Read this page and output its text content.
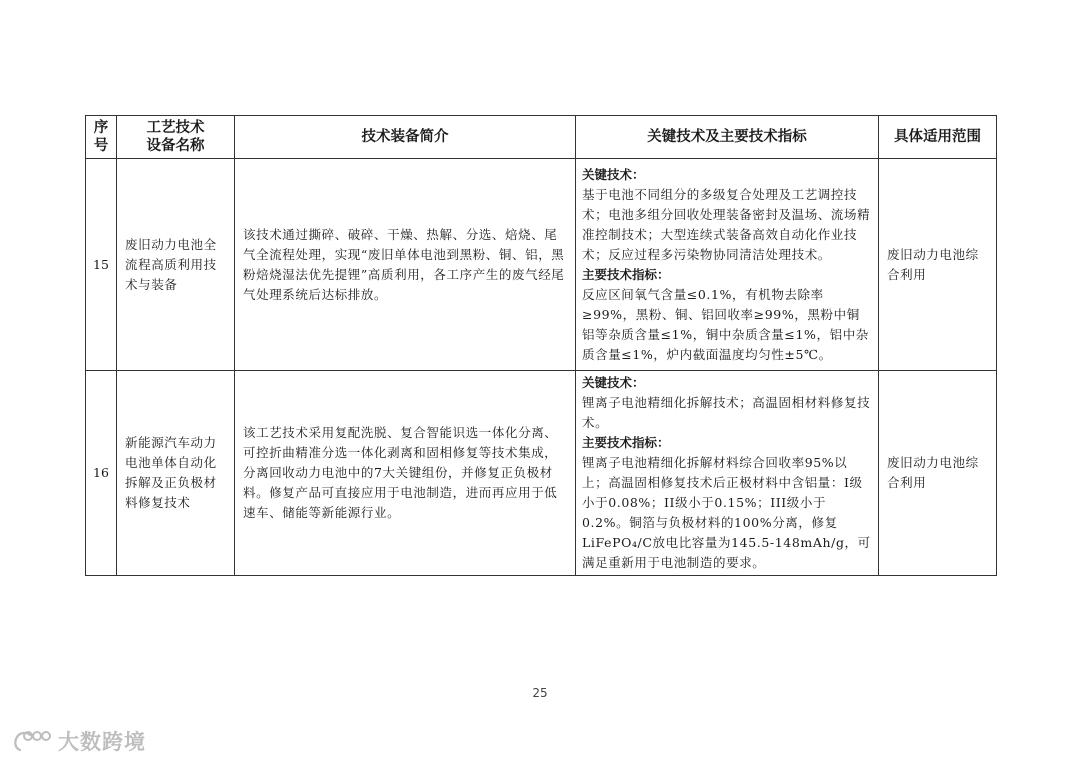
序
号	工艺技术
设备名称	技术装备简介	关键技术及主要技术指标	具体适用范围
15	废旧动力电池全流程高质利用技术与装备	该技术通过撕碎、破碎、干燥、热解、分选、焙烧、尾气全流程处理，实现“废旧单体电池到黑粉、铜、铝，黑粉焙烧湿法优先提锂”高质利用，各工序产生的废气经尾气处理系统后达标排放。	关键技术：
基于电池不同组分的多级复合处理及工艺调控技术；电池多组分回收处理装备密封及温场、流场精准控制技术；大型连续式装备高效自动化作业技术；反应过程多污染物协同清洁处理技术。
主要技术指标：
反应区间氧气含量≤0.1%，有机物去除率≥99%，黑粉、铜、铝回收率≥99%，黑粉中铜铝等杂质含量≤1%，铜中杂质含量≤1%，铝中杂质含量≤1%，炉内截面温度均匀性±5℃。	废旧动力电池综合利用

16	新能源汽车动力电池单体自动化拆解及正负极材料修复技术	该工艺技术采用复配洗脱、复合智能识选一体化分离、可控折曲精准分选一体化剥离和固相修复等技术集成，分离回收动力电池中的7大关键组份，并修复正负极材料。修复产品可直接应用于电池制造，进而再应用于低速车、储能等新能源行业。	关键技术：
锂离子电池精细化拆解技术；高温固相材料修复技术。
主要技术指标：
锂离子电池精细化拆解材料综合回收率95%以上；高温固相修复技术后正极材料中含铝量：I级小于0.08%；II级小于0.15%；III级小于0.2%。铜箔与负极材料的100%分离，修复LiFePO₄/C放电比容量为145.5-148mAh/g，可满足重新用于电池制造的要求。	废旧动力电池综合利用
25
大数跨境
